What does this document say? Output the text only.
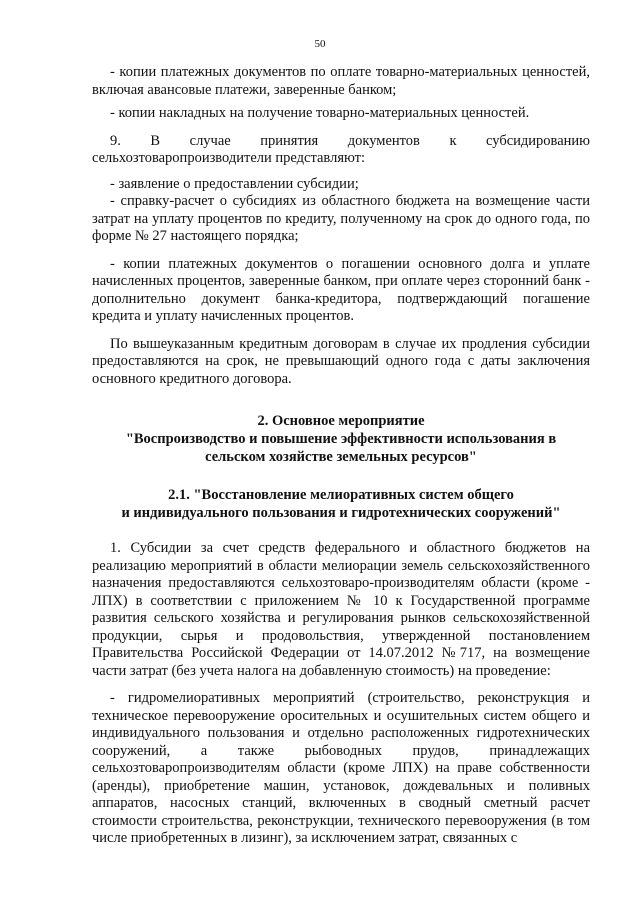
50

- копии платежных документов по оплате товарно-материальных ценностей, включая авансовые платежи, заверенные банком;

- копии накладных на получение товарно-материальных ценностей.

9. В случае принятия документов к субсидированию сельхозтоваропроизводители представляют:

- заявление о предоставлении субсидии;

- справку-расчет о субсидиях из областного бюджета на возмещение части затрат на уплату процентов по кредиту, полученному на срок до одного года, по форме № 27 настоящего порядка;

- копии платежных документов о погашении основного долга и уплате начисленных процентов, заверенные банком, при оплате через сторонний банк - дополнительно документ банка-кредитора, подтверждающий погашение кредита и уплату начисленных процентов.

По вышеуказанным кредитным договорам в случае их продления субсидии предоставляются на срок, не превышающий одного года с даты заключения основного кредитного договора.

2. Основное мероприятие
"Воспроизводство и повышение эффективности использования в
сельском хозяйстве земельных ресурсов"
2.1. "Восстановление мелиоративных систем общего
и индивидуального пользования и гидротехнических сооружений"

1. Субсидии за счет средств федерального и областного бюджетов на реализацию мероприятий в области мелиорации земель сельскохозяйственного назначения предоставляются сельхозтоваро-производителям области (кроме - ЛПХ) в соответствии с приложением № 10 к Государственной программе развития сельского хозяйства и регулирования рынков сельскохозяйственной продукции, сырья и продовольствия, утвержденной постановлением Правительства Российской Федерации от 14.07.2012 №717, на возмещение части затрат (без учета налога на добавленную стоимость) на проведение:

- гидромелиоративных мероприятий (строительство, реконструкция и техническое перевооружение оросительных и осушительных систем общего и индивидуального пользования и отдельно расположенных гидротехнических сооружений, а также рыбоводных прудов, принадлежащих сельхозтоваропроизводителям области (кроме ЛПХ) на праве собственности (аренды), приобретение машин, установок, дождевальных и поливных аппаратов, насосных станций, включенных в сводный сметный расчет стоимости строительства, реконструкции, технического перевооружения (в том числе приобретенных в лизинг), за исключением затрат, связанных с
